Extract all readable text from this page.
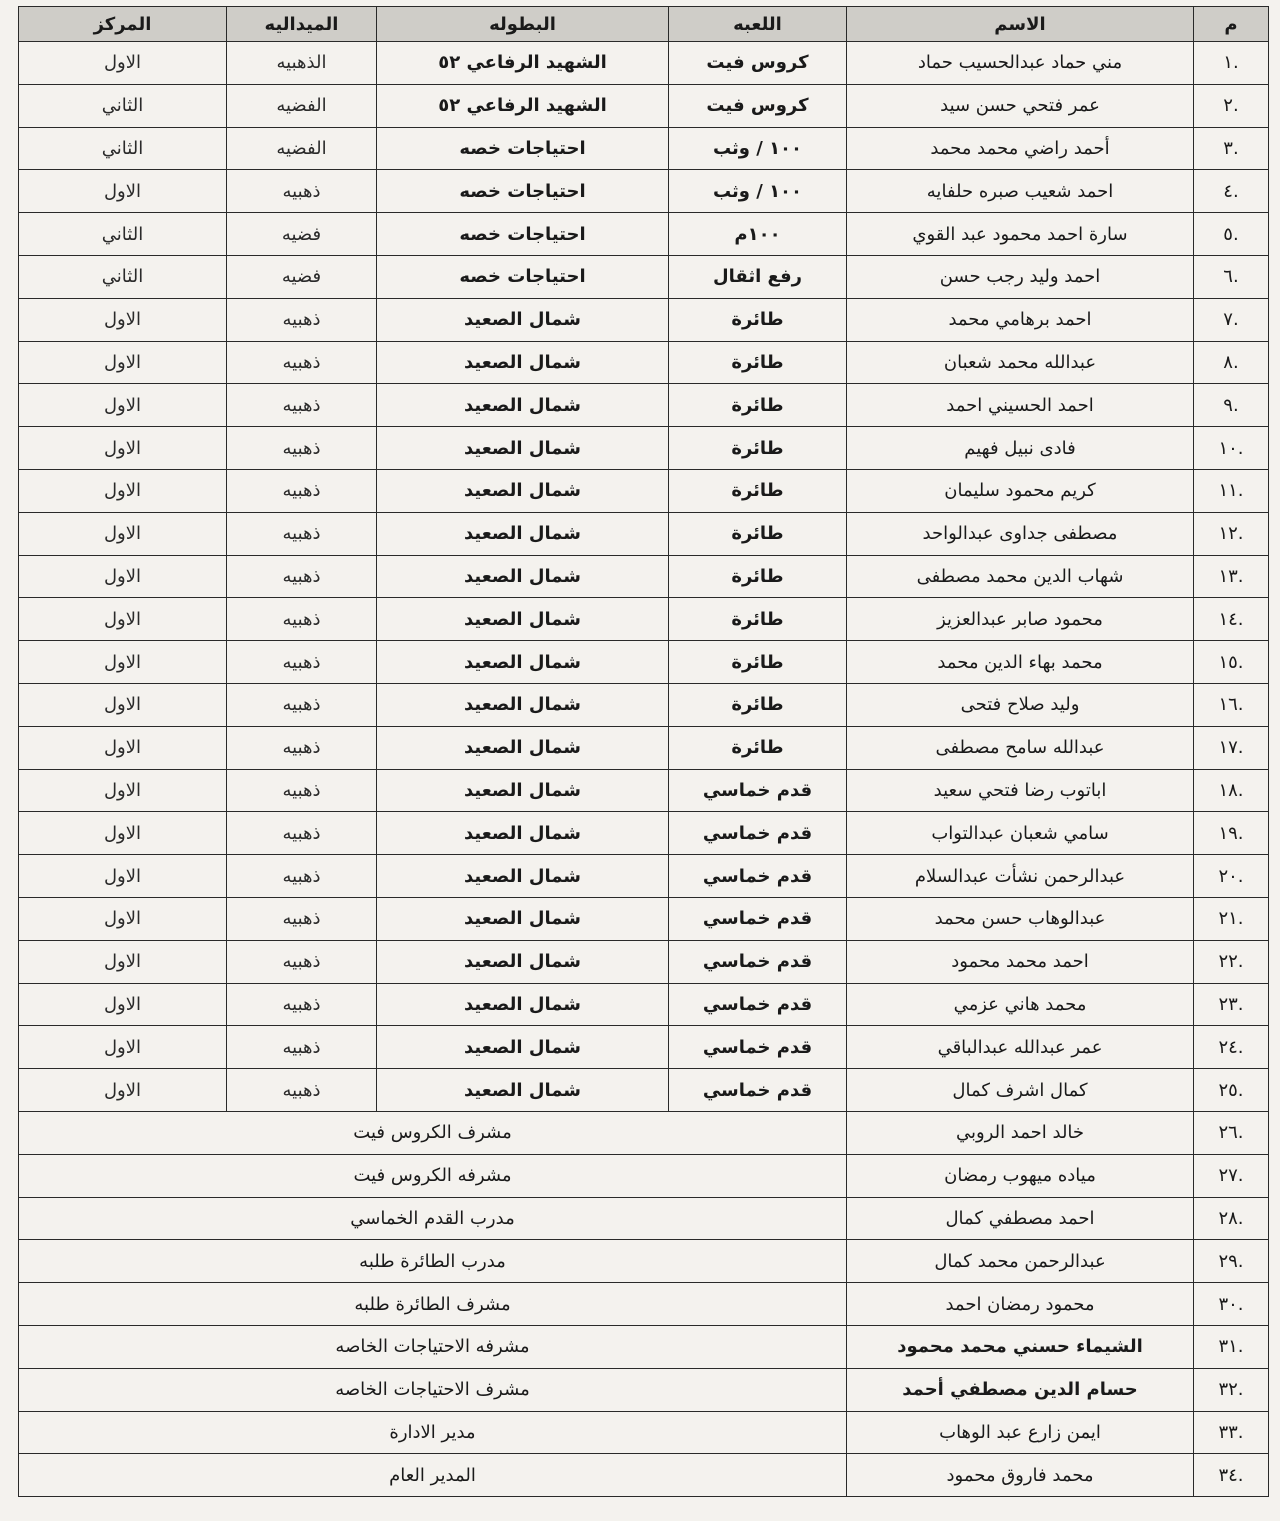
م	الاسم	اللعبه	البطوله	الميداليه	المركز
.١	مني حماد عبدالحسيب حماد	كروس فيت	الشهيد الرفاعي ٥٢	الذهبيه	الاول
.٢	عمر فتحي حسن سيد	كروس فيت	الشهيد الرفاعي ٥٢	الفضيه	الثاني
.٣	أحمد راضي محمد محمد	١٠٠ / وثب	احتياجات خصه	الفضيه	الثاني
.٤	احمد شعيب صبره حلفايه	١٠٠ / وثب	احتياجات خصه	ذهبيه	الاول
.٥	سارة احمد محمود عبد القوي	١٠٠م	احتياجات خصه	فضيه	الثاني
.٦	احمد وليد رجب حسن	رفع اثقال	احتياجات خصه	فضيه	الثاني
.٧	احمد برهامي محمد	طائرة	شمال الصعيد	ذهبيه	الاول
.٨	عبدالله محمد شعبان	طائرة	شمال الصعيد	ذهبيه	الاول
.٩	احمد الحسيني احمد	طائرة	شمال الصعيد	ذهبيه	الاول
.١٠	فادى نبيل فهيم	طائرة	شمال الصعيد	ذهبيه	الاول
.١١	كريم محمود سليمان	طائرة	شمال الصعيد	ذهبيه	الاول
.١٢	مصطفى جداوى عبدالواحد	طائرة	شمال الصعيد	ذهبيه	الاول
.١٣	شهاب الدين محمد مصطفى	طائرة	شمال الصعيد	ذهبيه	الاول
.١٤	محمود صابر عبدالعزيز	طائرة	شمال الصعيد	ذهبيه	الاول
.١٥	محمد بهاء الدين محمد	طائرة	شمال الصعيد	ذهبيه	الاول
.١٦	وليد صلاح فتحى	طائرة	شمال الصعيد	ذهبيه	الاول
.١٧	عبدالله سامح مصطفى	طائرة	شمال الصعيد	ذهبيه	الاول
.١٨	اباتوب رضا فتحي سعيد	قدم خماسي	شمال الصعيد	ذهبيه	الاول
.١٩	سامي شعبان عبدالتواب	قدم خماسي	شمال الصعيد	ذهبيه	الاول
.٢٠	عبدالرحمن نشأت عبدالسلام	قدم خماسي	شمال الصعيد	ذهبيه	الاول
.٢١	عبدالوهاب حسن محمد	قدم خماسي	شمال الصعيد	ذهبيه	الاول
.٢٢	احمد محمد محمود	قدم خماسي	شمال الصعيد	ذهبيه	الاول
.٢٣	محمد هاني عزمي	قدم خماسي	شمال الصعيد	ذهبيه	الاول
.٢٤	عمر عبدالله عبدالباقي	قدم خماسي	شمال الصعيد	ذهبيه	الاول
.٢٥	كمال اشرف كمال	قدم خماسي	شمال الصعيد	ذهبيه	الاول
.٢٦	خالد احمد الروبي	مشرف الكروس فيت			
.٢٧	مياده ميهوب رمضان	مشرفه الكروس فيت			
.٢٨	احمد مصطفي كمال	مدرب القدم الخماسي			
.٢٩	عبدالرحمن محمد كمال	مدرب الطائرة طلبه			
.٣٠	محمود رمضان احمد	مشرف الطائرة طلبه			
.٣١	الشيماء حسني محمد محمود	مشرفه الاحتياجات الخاصه			
.٣٢	حسام الدين مصطفي أحمد	مشرف الاحتياجات الخاصه			
.٣٣	ايمن زارع عبد الوهاب	مدير الادارة			
.٣٤	محمد فاروق محمود	المدير العام			
